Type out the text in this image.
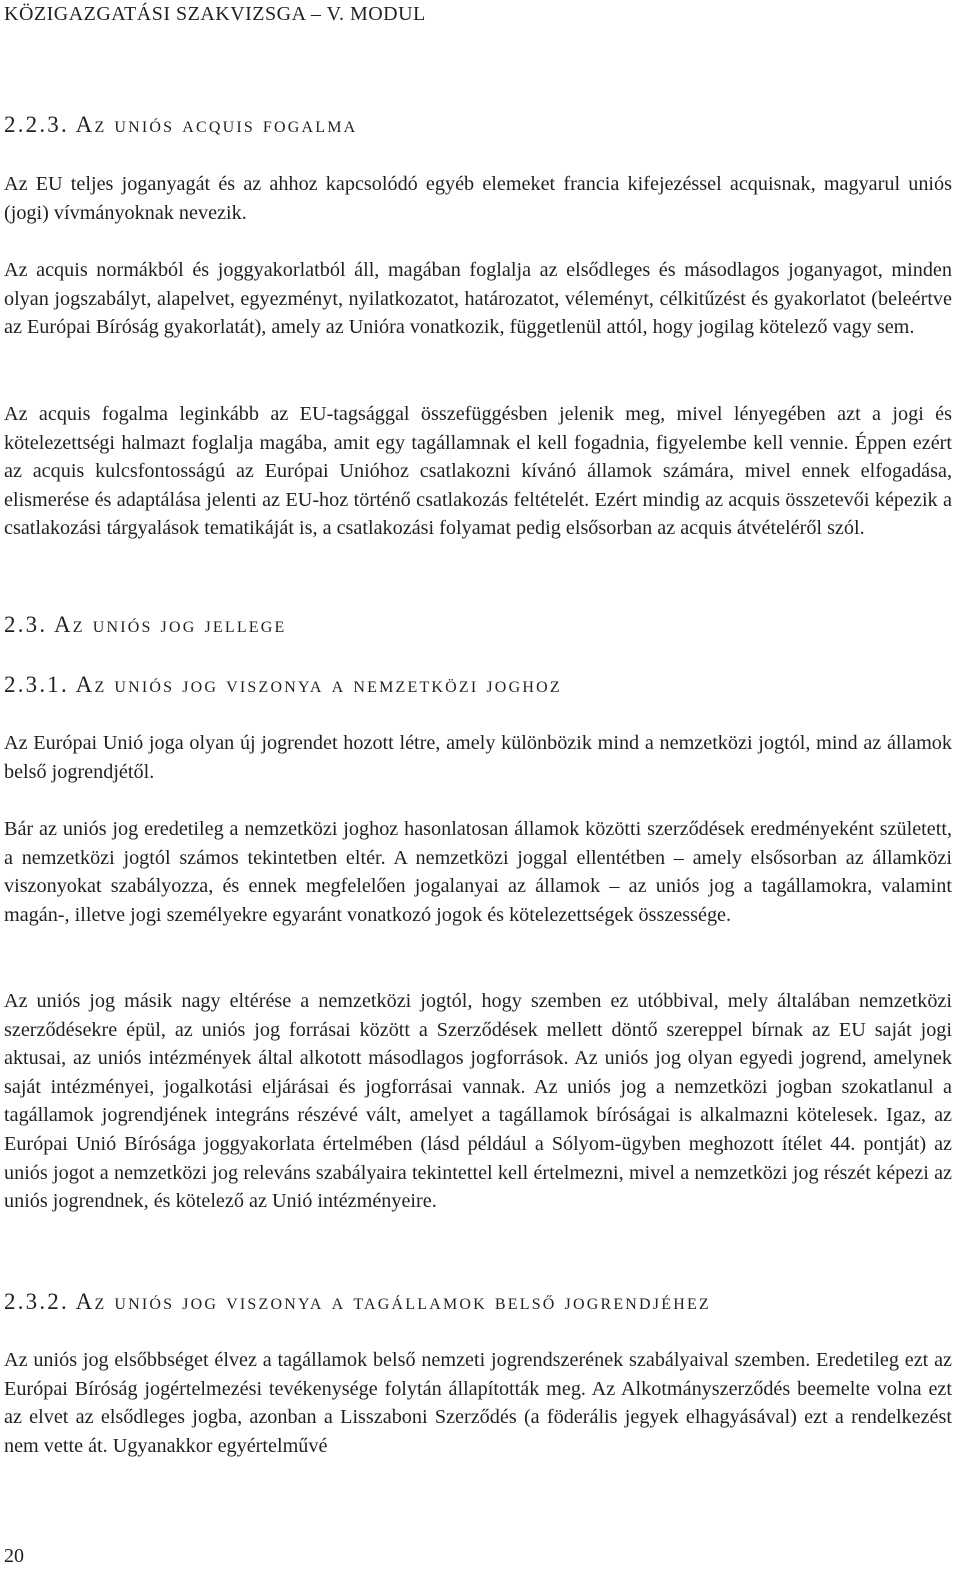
KÖZIGAZGATÁSI SZAKVIZSGA – V. MODUL
2.2.3. Az uniós acquis fogalma

Az EU teljes joganyagát és az ahhoz kapcsolódó egyéb elemeket francia kifejezéssel acquisnak, magyarul uniós (jogi) vívmányoknak nevezik.

Az acquis normákból és joggyakorlatból áll, magában foglalja az elsődleges és másodlagos joganyagot, minden olyan jogszabályt, alapelvet, egyezményt, nyilatkozatot, határozatot, véleményt, célkitűzést és gyakorlatot (beleértve az Európai Bíróság gyakorlatát), amely az Unióra vonatkozik, függetlenül attól, hogy jogilag kötelező vagy sem.

Az acquis fogalma leginkább az EU-tagsággal összefüggésben jelenik meg, mivel lényegében azt a jogi és kötelezettségi halmazt foglalja magába, amit egy tagállamnak el kell fogadnia, figyelembe kell vennie. Éppen ezért az acquis kulcsfontosságú az Európai Unióhoz csatlakozni kívánó államok számára, mivel ennek elfogadása, elismerése és adaptálása jelenti az EU-hoz történő csatlakozás feltételét. Ezért mindig az acquis összetevői képezik a csatlakozási tárgyalások tematikáját is, a csatlakozási folyamat pedig elsősorban az acquis átvételéről szól.

2.3. Az uniós jog jellege
2.3.1. Az uniós jog viszonya a nemzetközi joghoz

Az Európai Unió joga olyan új jogrendet hozott létre, amely különbözik mind a nemzetközi jogtól, mind az államok belső jogrendjétől.

Bár az uniós jog eredetileg a nemzetközi joghoz hasonlatosan államok közötti szerződések eredményeként született, a nemzetközi jogtól számos tekintetben eltér. A nemzetközi joggal ellentétben – amely elsősorban az államközi viszonyokat szabályozza, és ennek megfelelően jogalanyai az államok – az uniós jog a tagállamokra, valamint magán-, illetve jogi személyekre egyaránt vonatkozó jogok és kötelezettségek összessége.

Az uniós jog másik nagy eltérése a nemzetközi jogtól, hogy szemben ez utóbbival, mely általában nemzetközi szerződésekre épül, az uniós jog forrásai között a Szerződések mellett döntő szereppel bírnak az EU saját jogi aktusai, az uniós intézmények által alkotott másodlagos jogforrások. Az uniós jog olyan egyedi jogrend, amelynek saját intézményei, jogalkotási eljárásai és jogforrásai vannak. Az uniós jog a nemzetközi jogban szokatlanul a tagállamok jogrendjének integráns részévé vált, amelyet a tagállamok bíróságai is alkalmazni kötelesek. Igaz, az Európai Unió Bírósága joggyakorlata értelmében (lásd például a Sólyom-ügyben meghozott ítélet 44. pontját) az uniós jogot a nemzetközi jog releváns szabályaira tekintettel kell értelmezni, mivel a nemzetközi jog részét képezi az uniós jogrendnek, és kötelező az Unió intézményeire.

2.3.2. Az uniós jog viszonya a tagállamok belső jogrendjéhez

Az uniós jog elsőbbséget élvez a tagállamok belső nemzeti jogrendszerének szabályaival szemben. Eredetileg ezt az Európai Bíróság jogértelmezési tevékenysége folytán állapították meg. Az Alkotmányszerződés beemelte volna ezt az elvet az elsődleges jogba, azonban a Lisszaboni Szerződés (a föderális jegyek elhagyásával) ezt a rendelkezést nem vette át. Ugyanakkor egyértelművé

20
